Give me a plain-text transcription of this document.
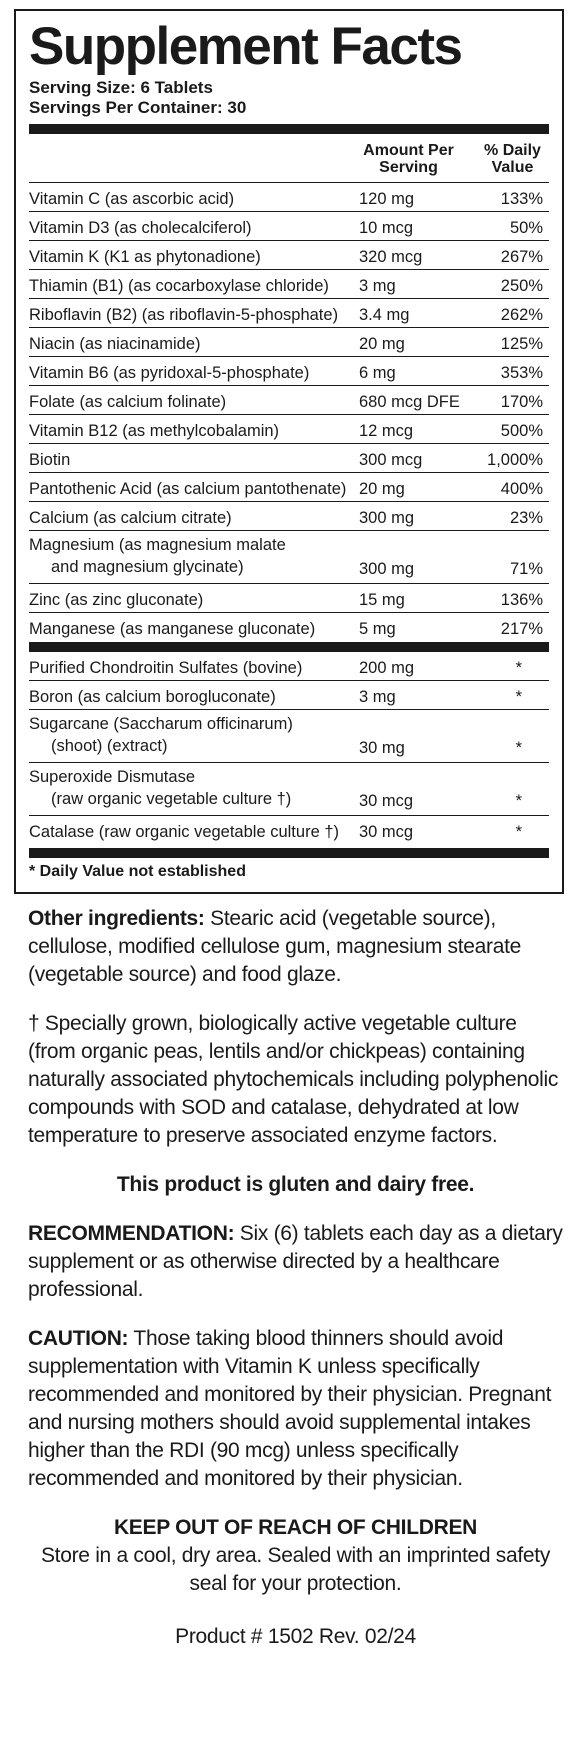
Supplement Facts
Serving Size: 6 Tablets
Servings Per Container: 30
Amount Per
Serving
% Daily
Value
Vitamin C (as ascorbic acid)	120 mg	133%
Vitamin D3 (as cholecalciferol)	10 mcg	50%
Vitamin K (K1 as phytonadione)	320 mcg	267%
Thiamin (B1) (as cocarboxylase chloride)	3 mg	250%
Riboflavin (B2) (as riboflavin-5-phosphate)	3.4 mg	262%
Niacin (as niacinamide)	20 mg	125%
Vitamin B6 (as pyridoxal-5-phosphate)	6 mg	353%
Folate (as calcium folinate)	680 mcg DFE	170%
Vitamin B12 (as methylcobalamin)	12 mcg	500%
Biotin	300 mcg	1,000%
Pantothenic Acid (as calcium pantothenate) 20 mg	400%
Calcium (as calcium citrate)	300 mg	23%
Magnesium (as magnesium malate
and magnesium glycinate)	300 mg	71%
Zinc (as zinc gluconate)	15 mg	136%
Manganese (as manganese gluconate)	5 mg	217%
Purified Chondroitin Sulfates (bovine)	200 mg	*
Boron (as calcium borogluconate)	3 mg	*
Sugarcane (Saccharum officinarum)
(shoot) (extract)	30 mg	*
Superoxide Dismutase
(raw organic vegetable culture †)	30 mcg	*
Catalase (raw organic vegetable culture †)	30 mcg	*
* Daily Value not established

Other ingredients: Stearic acid (vegetable source), cellulose, modified cellulose gum, magnesium stearate (vegetable source) and food glaze.

† Specially grown, biologically active vegetable culture (from organic peas, lentils and/or chickpeas) containing naturally associated phytochemicals including polyphenolic compounds with SOD and catalase, dehydrated at low temperature to preserve associated enzyme factors.

This product is gluten and dairy free.

RECOMMENDATION: Six (6) tablets each day as a dietary supplement or as otherwise directed by a healthcare professional.

CAUTION: Those taking blood thinners should avoid supplementation with Vitamin K unless specifically recommended and monitored by their physician. Pregnant and nursing mothers should avoid supplemental intakes higher than the RDI (90 mcg) unless specifically recommended and monitored by their physician.

KEEP OUT OF REACH OF CHILDREN

Store in a cool, dry area. Sealed with an imprinted safety seal for your protection.

Product # 1502 Rev. 02/24
